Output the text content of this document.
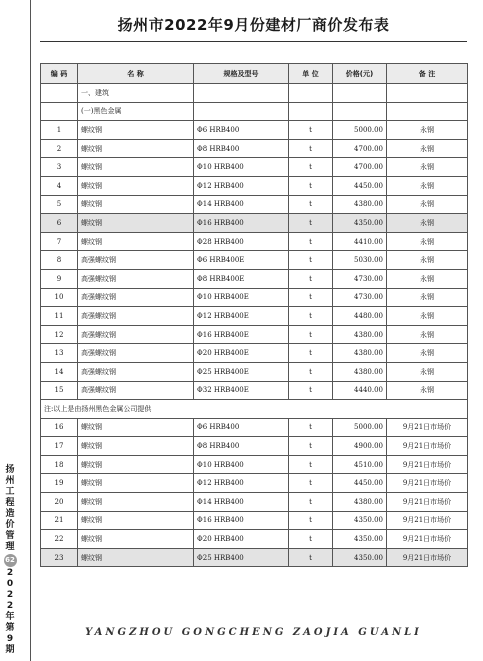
扬州市2022年9月份建材厂商价发布表
编 码	名 称	规格及型号	单 位	价格(元)	备 注
	一、建筑				
	(一)黑色金属				
1	螺纹钢	Φ6 HRB400	t	5000.00	永钢
2	螺纹钢	Φ8 HRB400	t	4700.00	永钢
3	螺纹钢	Φ10 HRB400	t	4700.00	永钢
4	螺纹钢	Φ12 HRB400	t	4450.00	永钢
5	螺纹钢	Φ14 HRB400	t	4380.00	永钢
6	螺纹钢	Φ16 HRB400	t	4350.00	永钢
7	螺纹钢	Φ28 HRB400	t	4410.00	永钢
8	高强螺纹钢	Φ6 HRB400E	t	5030.00	永钢
9	高强螺纹钢	Φ8 HRB400E	t	4730.00	永钢
10	高强螺纹钢	Φ10 HRB400E	t	4730.00	永钢
11	高强螺纹钢	Φ12 HRB400E	t	4480.00	永钢
12	高强螺纹钢	Φ16 HRB400E	t	4380.00	永钢
13	高强螺纹钢	Φ20 HRB400E	t	4380.00	永钢
14	高强螺纹钢	Φ25 HRB400E	t	4380.00	永钢
15	高强螺纹钢	Φ32 HRB400E	t	4440.00	永钢
注:以上是由扬州黑色金属公司提供					
16	螺纹钢	Φ6 HRB400	t	5000.00	9月21日市场价
17	螺纹钢	Φ8 HRB400	t	4900.00	9月21日市场价
18	螺纹钢	Φ10 HRB400	t	4510.00	9月21日市场价
19	螺纹钢	Φ12 HRB400	t	4450.00	9月21日市场价
20	螺纹钢	Φ14 HRB400	t	4380.00	9月21日市场价
21	螺纹钢	Φ16 HRB400	t	4350.00	9月21日市场价
22	螺纹钢	Φ20 HRB400	t	4350.00	9月21日市场价
23	螺纹钢	Φ25 HRB400	t	4350.00	9月21日市场价
扬
州
工
程
造
价
管
理
62
2
0
2
2
年
第
9
期
YANGZHOU GONGCHENG ZAOJIA GUANLI
